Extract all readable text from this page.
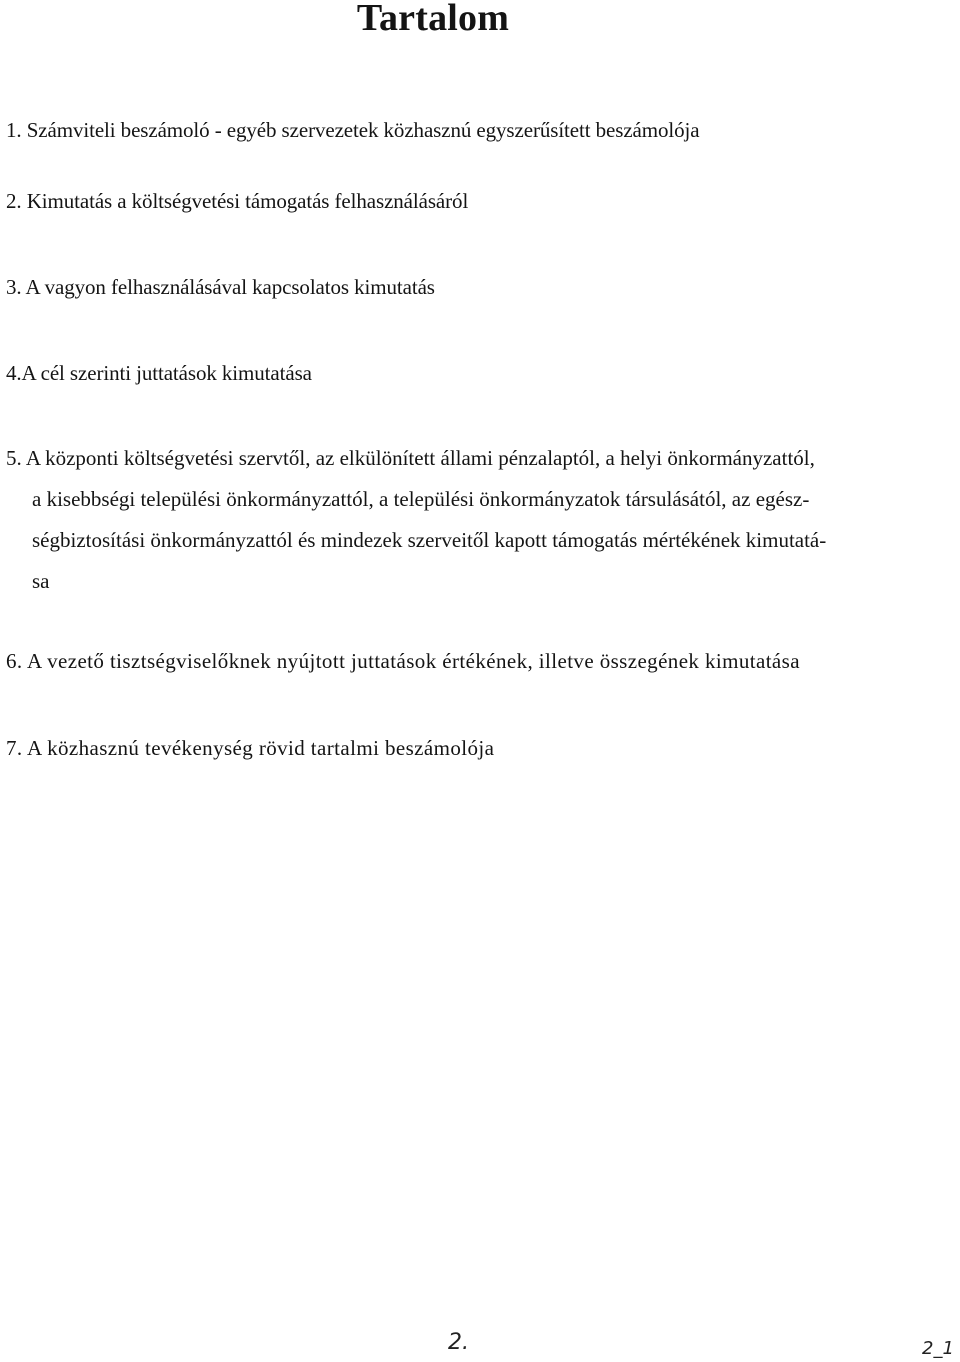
Tartalom
1. Számviteli beszámoló - egyéb szervezetek közhasznú egyszerűsített beszámolója
2. Kimutatás a költségvetési támogatás felhasználásáról
3. A vagyon felhasználásával kapcsolatos kimutatás
4.A cél szerinti juttatások kimutatása
5. A központi költségvetési szervtől, az elkülönített állami pénzalaptól, a helyi önkormányzattól,
a kisebbségi települési önkormányzattól, a települési önkormányzatok társulásától, az egész-
ségbiztosítási önkormányzattól és mindezek szerveitől kapott támogatás mértékének kimutatá-
sa
6. A vezető tisztségviselőknek nyújtott juttatások értékének, illetve összegének kimutatása
7. A közhasznú tevékenység rövid tartalmi beszámolója
2.	2_1
